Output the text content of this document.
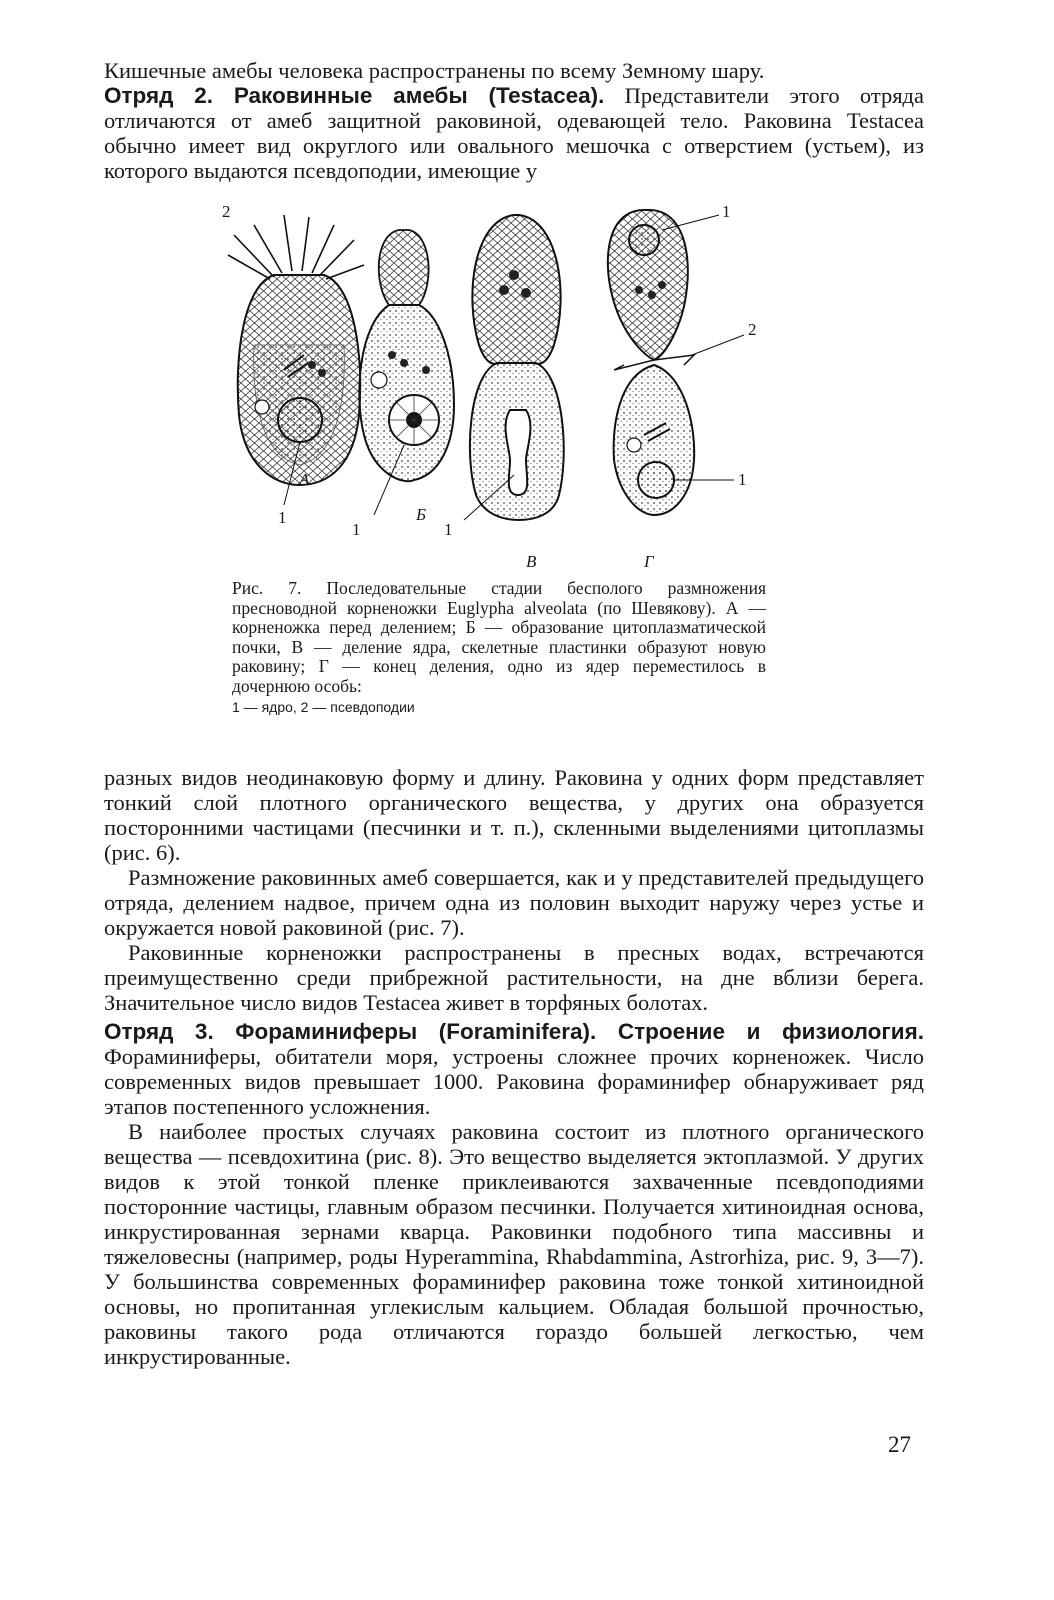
Кишечные амебы человека распространены по всему Земному шару.

Отряд 2. Раковинные амебы (Testacea). Представители этого отряда отличаются от амеб защитной раковиной, одевающей тело. Раковина Testacea обычно имеет вид округлого или овального мешочка с отверстием (устьем), из которого выдаются псевдоподии, имеющие у

2
1
А
1
Б
1
В	Г
1
2
1
Рис. 7. Последовательные стадии бесполого размножения пресноводной корненожки Euglypha alveolata (по Шевякову). А — корненожка перед делением; Б — образование цитоплазматической почки, В — деление ядра, скелетные пластинки образуют новую раковину; Г — конец деления, одно из ядер переместилось в дочернюю особь:
1 — ядро, 2 — псевдоподии

разных видов неодинаковую форму и длину. Раковина у одних форм представляет тонкий слой плотного органического вещества, у других она образуется посторонними частицами (песчинки и т. п.), скленными выделениями цитоплазмы (рис. 6).

Размножение раковинных амеб совершается, как и у представителей предыдущего отряда, делением надвое, причем одна из половин выходит наружу через устье и окружается новой раковиной (рис. 7).

Раковинные корненожки распространены в пресных водах, встречаются преимущественно среди прибрежной растительности, на дне вблизи берега. Значительное число видов Testacea живет в торфяных болотах.

Отряд 3. Фораминиферы (Foraminifera). Строение и физиология. Фораминиферы, обитатели моря, устроены сложнее прочих корненожек. Число современных видов превышает 1000. Раковина фораминифер обнаруживает ряд этапов постепенного усложнения.

В наиболее простых случаях раковина состоит из плотного органического вещества — псевдохитина (рис. 8). Это вещество выделяется эктоплазмой. У других видов к этой тонкой пленке приклеиваются захваченные псевдоподиями посторонние частицы, главным образом песчинки. Получается хитиноидная основа, инкрустированная зернами кварца. Раковинки подобного типа массивны и тяжеловесны (например, роды Hyperammina, Rhabdammina, Astrorhiza, рис. 9, 3—7). У большинства современных фораминифер раковина тоже тонкой хитиноидной основы, но пропитанная углекислым кальцием. Обладая большой прочностью, раковины такого рода отличаются гораздо большей легкостью, чем инкрустированные.

27
